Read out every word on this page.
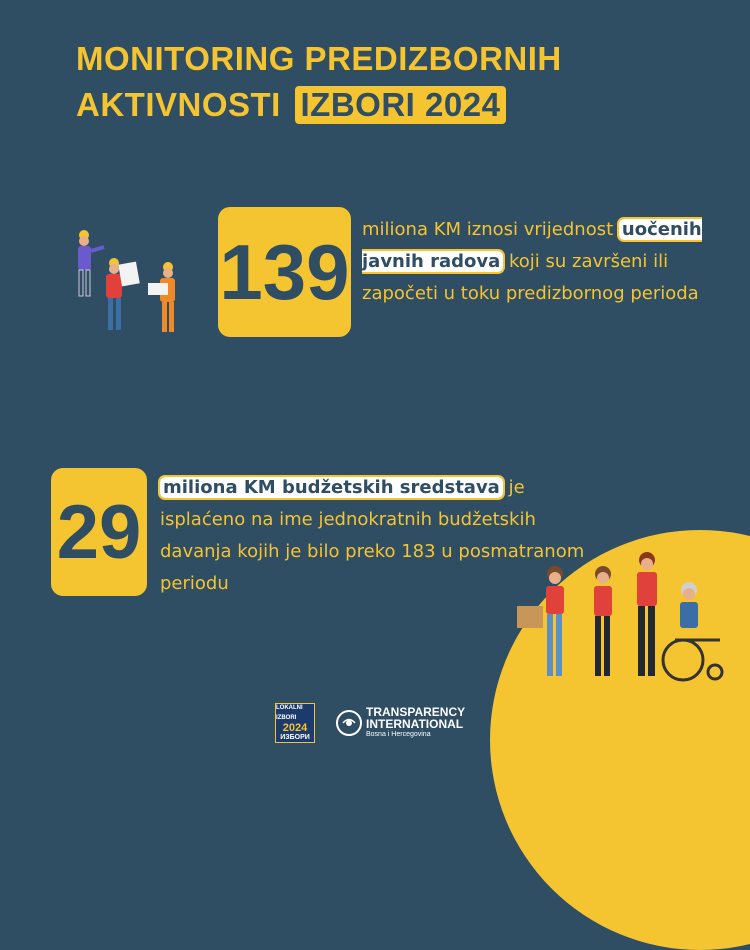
MONITORING PREDIZBORNIH
AKTIVNOSTI IZBORI 2024
139 miliona KM iznosi vrijednost uočenih javnih radova koji su završeni ili započeti u toku predizbornog perioda
29
miliona KM budžetskih sredstava je isplaćeno na ime jednokratnih budžetskih davanja kojih je bilo preko 183 u posmatranom periodu
LOKALNI IZBORI
2024
ИЗБОРИ
TRANSPARENCY
INTERNATIONAL
Bosna i Hercegovina
